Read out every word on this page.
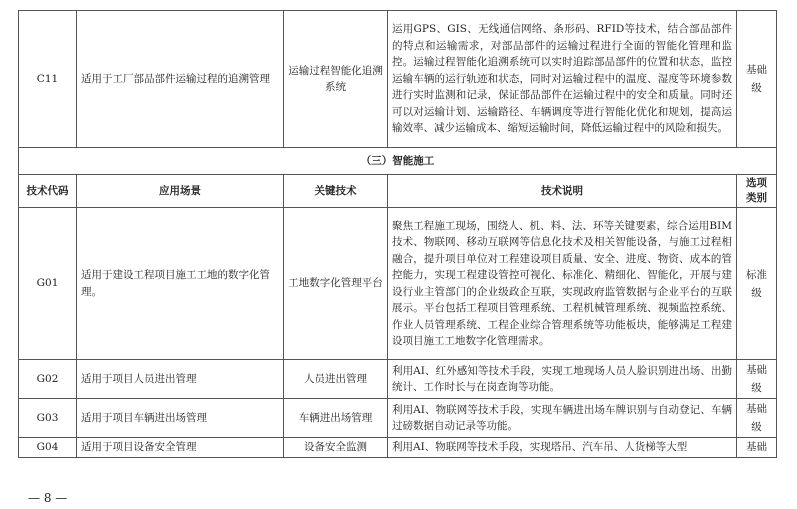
C11	适用于工厂部品部件运输过程的追溯管理	运输过程智能化追溯系统	运用GPS、GIS、无线通信网络、条形码、RFID等技术，结合部品部件的特点和运输需求，对部品部件的运输过程进行全面的智能化管理和监控。运输过程智能化追溯系统可以实时追踪部品部件的位置和状态，监控运输车辆的运行轨迹和状态，同时对运输过程中的温度、湿度等环境参数进行实时监测和记录，保证部品部件在运输过程中的安全和质量。同时还可以对运输计划、运输路径、车辆调度等进行智能化优化和规划，提高运输效率、减少运输成本、缩短运输时间，降低运输过程中的风险和损失。	基础级
（三）智能施工				
技术代码	应用场景	关键技术	技术说明	选项类别
G01	适用于建设工程项目施工工地的数字化管理。	工地数字化管理平台	聚焦工程施工现场，围绕人、机、料、法、环等关键要素，综合运用BIM技术、物联网、移动互联网等信息化技术及相关智能设备，与施工过程相融合，提升项目单位对工程建设项目质量、安全、进度、物资、成本的管控能力，实现工程建设管控可视化、标准化、精细化、智能化，开展与建设行业主管部门的企业级政企互联，实现政府监管数据与企业平台的互联展示。平台包括工程项目管理系统、工程机械管理系统、视频监控系统、作业人员管理系统、工程企业综合管理系统等功能板块，能够满足工程建设项目施工工地数字化管理需求。	标准级
G02	适用于项目人员进出管理	人员进出管理	利用AI、红外感知等技术手段，实现工地现场人员人脸识别进出场、出勤统计、工作时长与在岗查询等功能。	基础级
G03	适用于项目车辆进出场管理	车辆进出场管理	利用AI、物联网等技术手段，实现车辆进出场车牌识别与自动登记、车辆过磅数据自动记录等功能。	基础级
G04	适用于项目设备安全管理	设备安全监测	利用AI、物联网等技术手段，实现塔吊、汽车吊、人货梯等大型	基础
— 8 —
